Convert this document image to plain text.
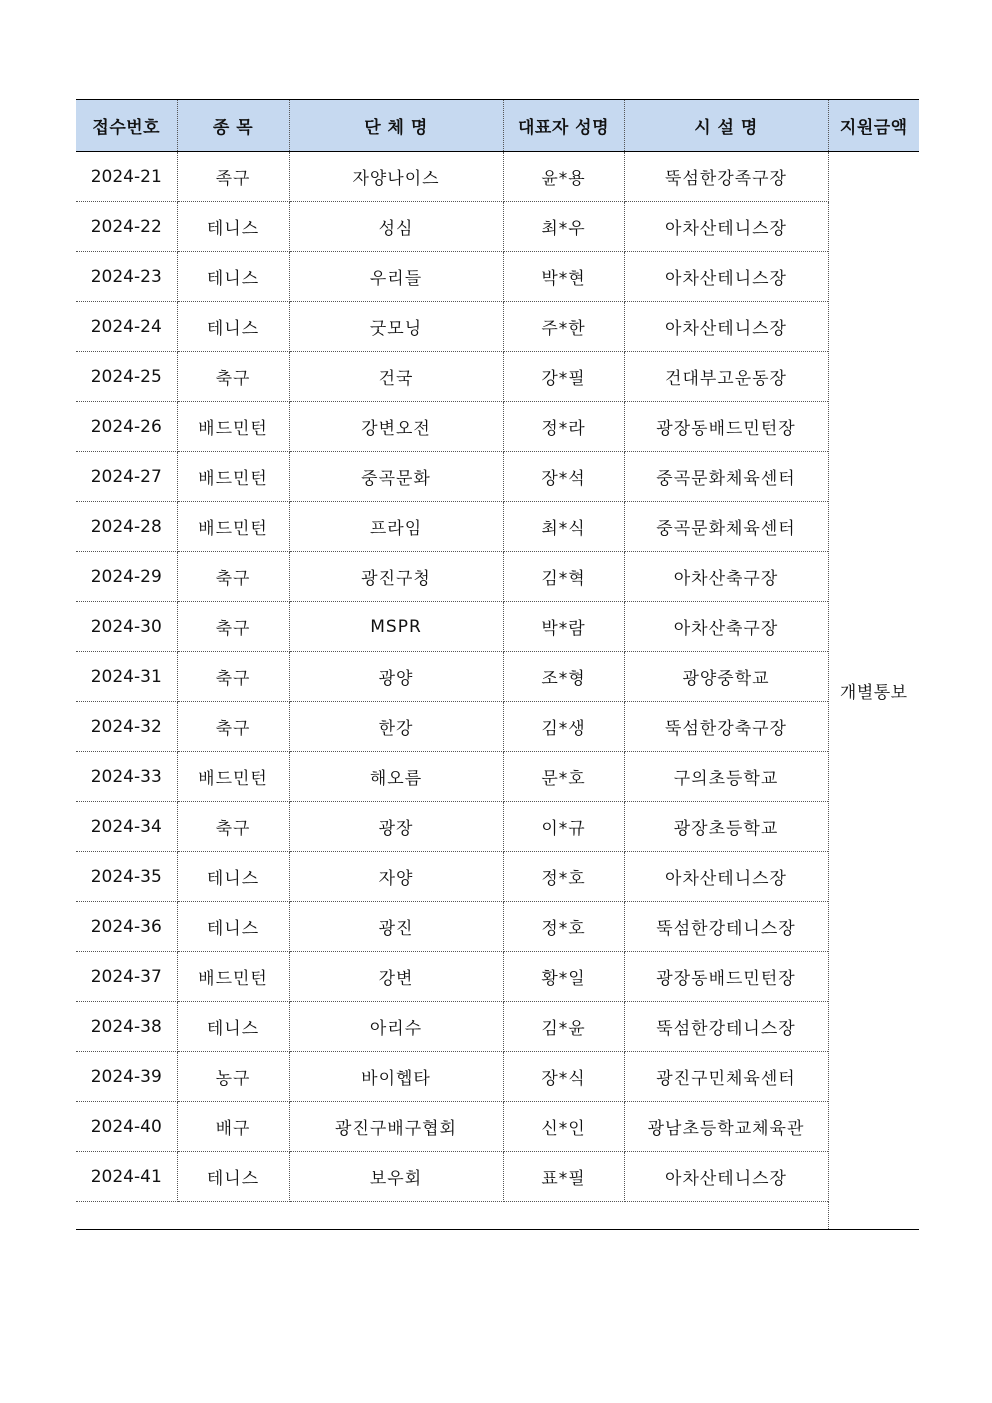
접수번호	종 목	단 체 명	대표자 성명	시 설 명	지원금액
2024-21	족구	자양나이스	윤*용	뚝섬한강족구장	개별통보
2024-22	테니스	성심	최*우	아차산테니스장	
2024-23	테니스	우리들	박*현	아차산테니스장	
2024-24	테니스	굿모닝	주*한	아차산테니스장	
2024-25	축구	건국	강*필	건대부고운동장	
2024-26	배드민턴	강변오전	정*라	광장동배드민턴장	
2024-27	배드민턴	중곡문화	장*석	중곡문화체육센터	
2024-28	배드민턴	프라임	최*식	중곡문화체육센터	
2024-29	축구	광진구청	김*혁	아차산축구장	
2024-30	축구	MSPR	박*람	아차산축구장	
2024-31	축구	광양	조*형	광양중학교	
2024-32	축구	한강	김*생	뚝섬한강축구장	
2024-33	배드민턴	해오름	문*호	구의초등학교	
2024-34	축구	광장	이*규	광장초등학교	
2024-35	테니스	자양	정*호	아차산테니스장	
2024-36	테니스	광진	정*호	뚝섬한강테니스장	
2024-37	배드민턴	강변	황*일	광장동배드민턴장	
2024-38	테니스	아리수	김*윤	뚝섬한강테니스장	
2024-39	농구	바이헵타	장*식	광진구민체육센터	
2024-40	배구	광진구배구협회	신*인	광남초등학교체육관	
2024-41	테니스	보우회	표*필	아차산테니스장	
